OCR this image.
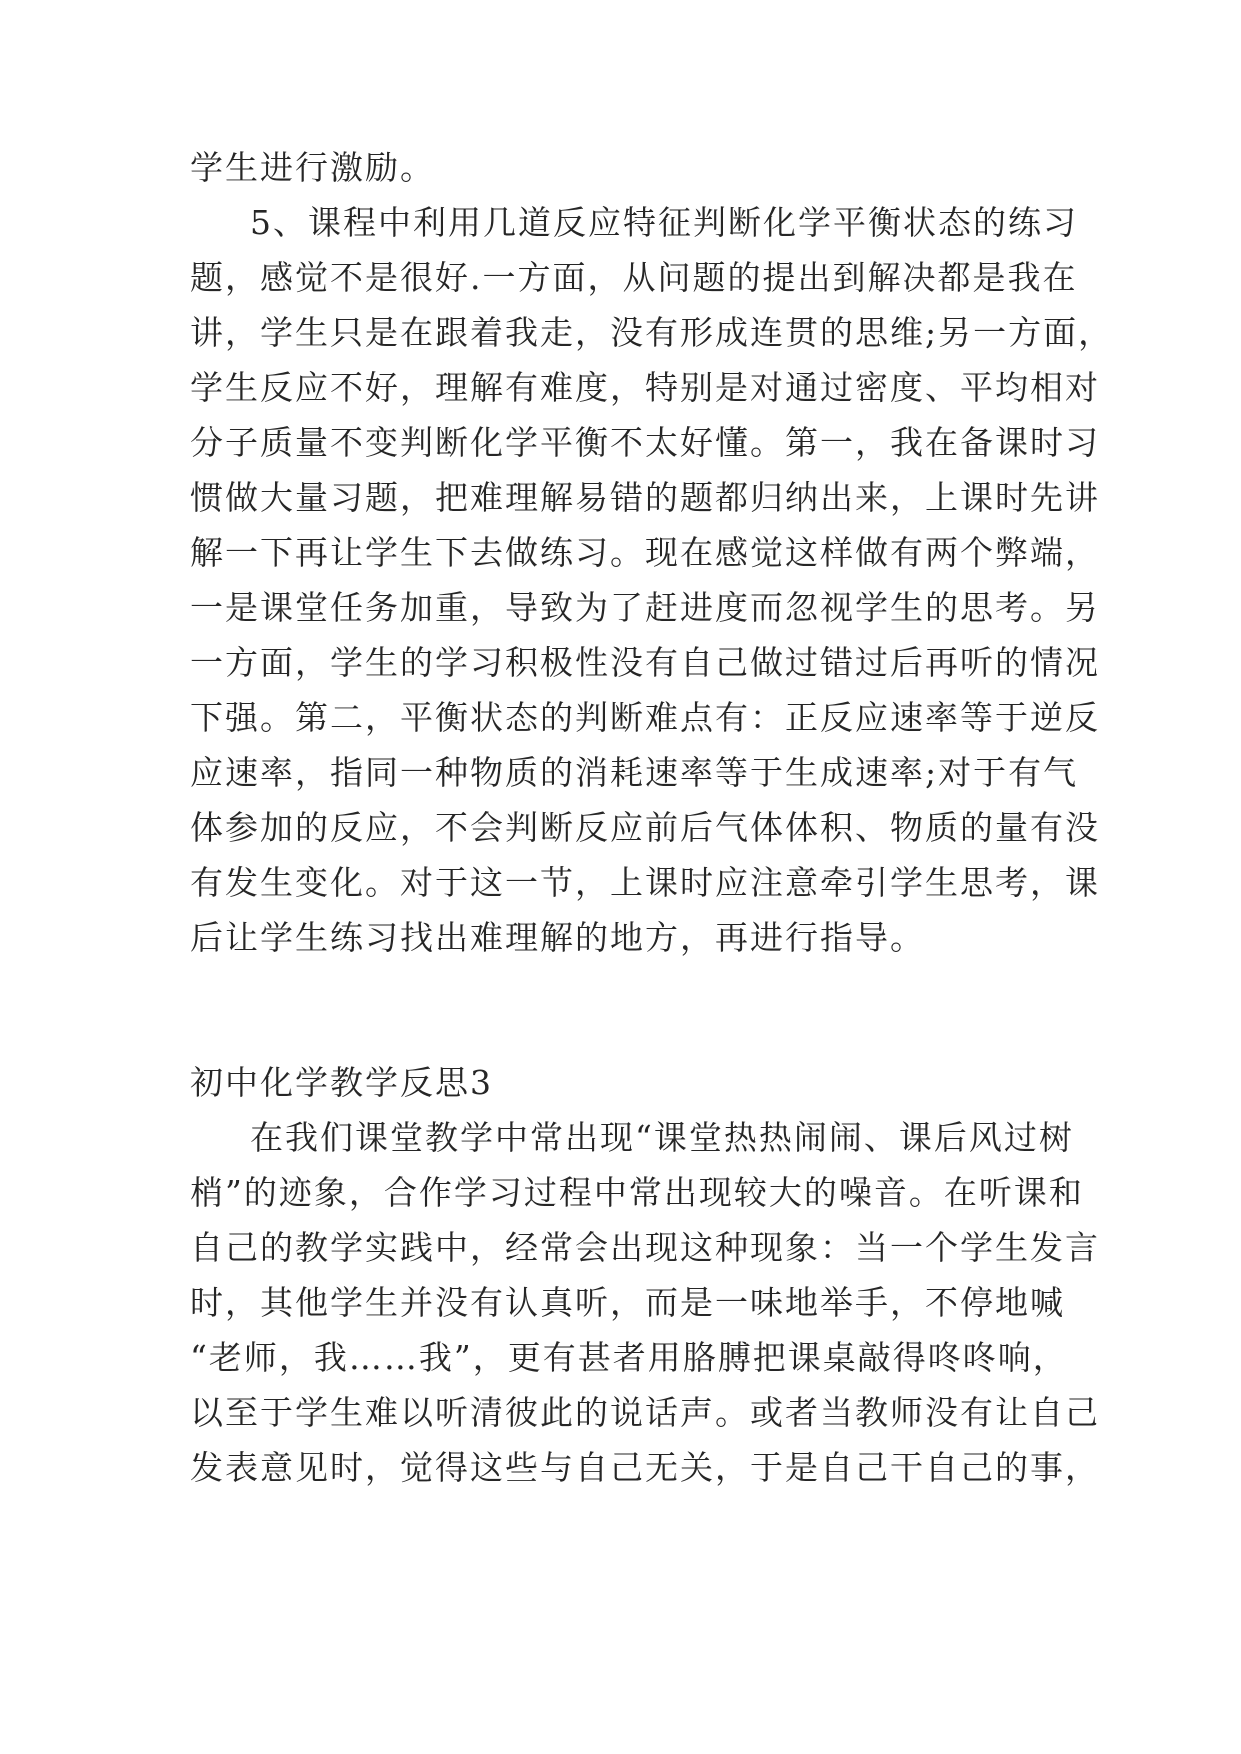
学生进行激励。
5、课程中利用几道反应特征判断化学平衡状态的练习
题，感觉不是很好.一方面，从问题的提出到解决都是我在
讲，学生只是在跟着我走，没有形成连贯的思维;另一方面，
学生反应不好，理解有难度，特别是对通过密度、平均相对
分子质量不变判断化学平衡不太好懂。第一，我在备课时习
惯做大量习题，把难理解易错的题都归纳出来，上课时先讲
解一下再让学生下去做练习。现在感觉这样做有两个弊端，
一是课堂任务加重，导致为了赶进度而忽视学生的思考。另
一方面，学生的学习积极性没有自己做过错过后再听的情况
下强。第二，平衡状态的判断难点有：正反应速率等于逆反
应速率，指同一种物质的消耗速率等于生成速率;对于有气
体参加的反应，不会判断反应前后气体体积、物质的量有没
有发生变化。对于这一节，上课时应注意牵引学生思考，课
后让学生练习找出难理解的地方，再进行指导。
初中化学教学反思3
在我们课堂教学中常出现“课堂热热闹闹、课后风过树
梢”的迹象，合作学习过程中常出现较大的噪音。在听课和
自己的教学实践中，经常会出现这种现象：当一个学生发言
时，其他学生并没有认真听，而是一味地举手，不停地喊
“老师，我……我”，更有甚者用胳膊把课桌敲得咚咚响，
以至于学生难以听清彼此的说话声。或者当教师没有让自己
发表意见时，觉得这些与自己无关，于是自己干自己的事，
